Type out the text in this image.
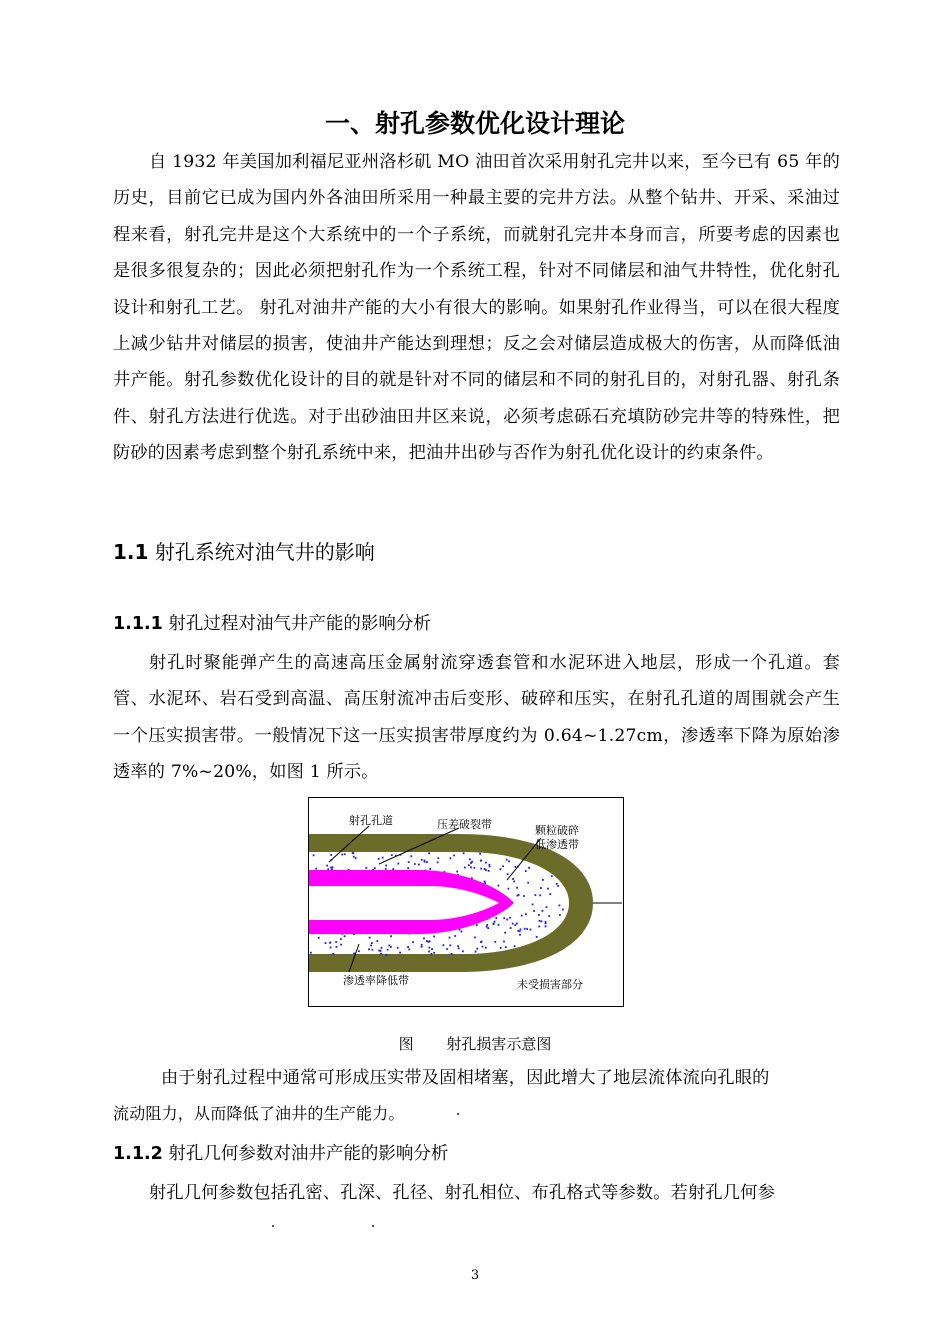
一、射孔参数优化设计理论
自 1932 年美国加利福尼亚州洛杉矶 MO 油田首次采用射孔完井以来，至今已有 65 年的历史，目前它已成为国内外各油田所采用一种最主要的完井方法。从整个钻井、开采、采油过程来看，射孔完井是这个大系统中的一个子系统，而就射孔完井本身而言，所要考虑的因素也是很多很复杂的；因此必须把射孔作为一个系统工程，针对不同储层和油气井特性，优化射孔设计和射孔工艺。 射孔对油井产能的大小有很大的影响。如果射孔作业得当，可以在很大程度上减少钻井对储层的损害，使油井产能达到理想；反之会对储层造成极大的伤害，从而降低油井产能。射孔参数优化设计的目的就是针对不同的储层和不同的射孔目的，对射孔器、射孔条件、射孔方法进行优选。对于出砂油田井区来说，必须考虑砾石充填防砂完井等的特殊性，把防砂的因素考虑到整个射孔系统中来，把油井出砂与否作为射孔优化设计的约束条件。
1.1 射孔系统对油气井的影响
1.1.1 射孔过程对油气井产能的影响分析
射孔时聚能弹产生的高速高压金属射流穿透套管和水泥环进入地层，形成一个孔道。套管、水泥环、岩石受到高温、高压射流冲击后变形、破碎和压实，在射孔孔道的周围就会产生一个压实损害带。一般情况下这一压实损害带厚度约为 0.64~1.27cm，渗透率下降为原始渗透率的 7%~20%，如图 1 所示。
射孔孔道	压差破裂带	颗粒破碎
低渗透带
渗透率降低带	未受损害部分
图 射孔损害示意图
由于射孔过程中通常可形成压实带及固相堵塞，因此增大了地层流体流向孔眼的
流动阻力，从而降低了油井的生产能力。
1.1.2 射孔几何参数对油井产能的影响分析
射孔几何参数包括孔密、孔深、孔径、射孔相位、布孔格式等参数。若射孔几何参
3
